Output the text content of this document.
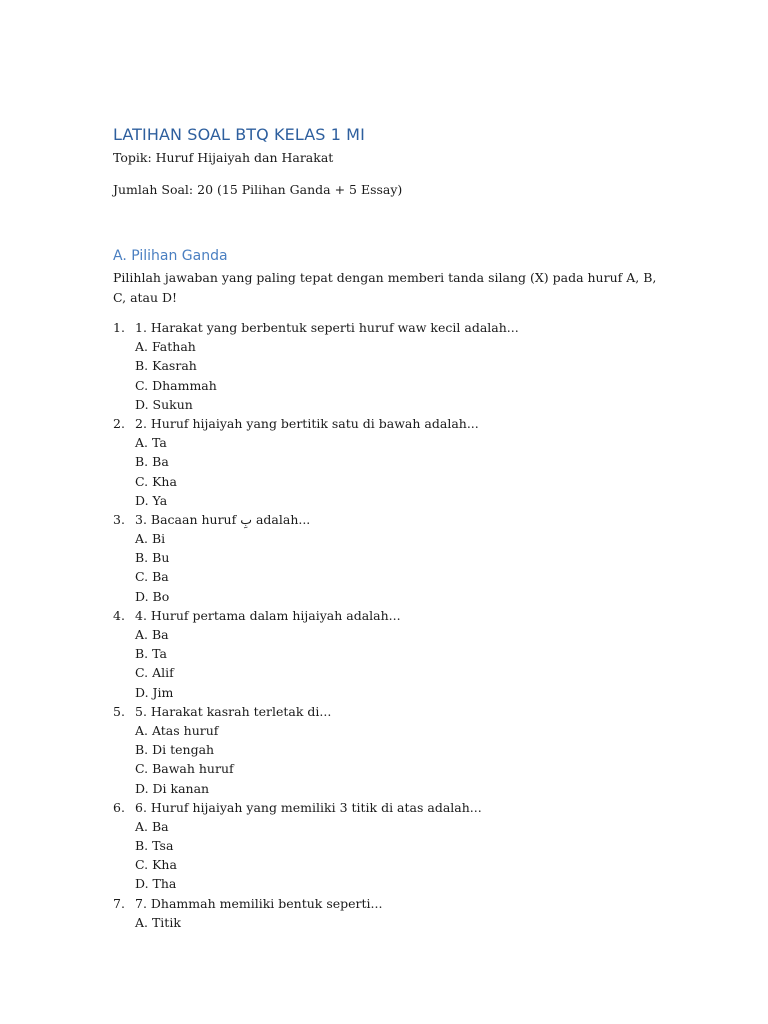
LATIHAN SOAL BTQ KELAS 1 MI

Topik: Huruf Hijaiyah dan Harakat

Jumlah Soal: 20 (15 Pilihan Ganda + 5 Essay)

A. Pilihan Ganda

Pilihlah jawaban yang paling tepat dengan memberi tanda silang (X) pada huruf A, B, C, atau D!

1. 1. Harakat yang berbentuk seperti huruf waw kecil adalah...
A. Fathah
B. Kasrah
C. Dhammah
D. Sukun
2. 2. Huruf hijaiyah yang bertitik satu di bawah adalah...
A. Ta
B. Ba
C. Kha
D. Ya
3. 3. Bacaan huruf بِ adalah...
A. Bi
B. Bu
C. Ba
D. Bo
4. 4. Huruf pertama dalam hijaiyah adalah...
A. Ba
B. Ta
C. Alif
D. Jim
5. 5. Harakat kasrah terletak di...
A. Atas huruf
B. Di tengah
C. Bawah huruf
D. Di kanan
6. 6. Huruf hijaiyah yang memiliki 3 titik di atas adalah...
A. Ba
B. Tsa
C. Kha
D. Tha
7. 7. Dhammah memiliki bentuk seperti...
A. Titik
